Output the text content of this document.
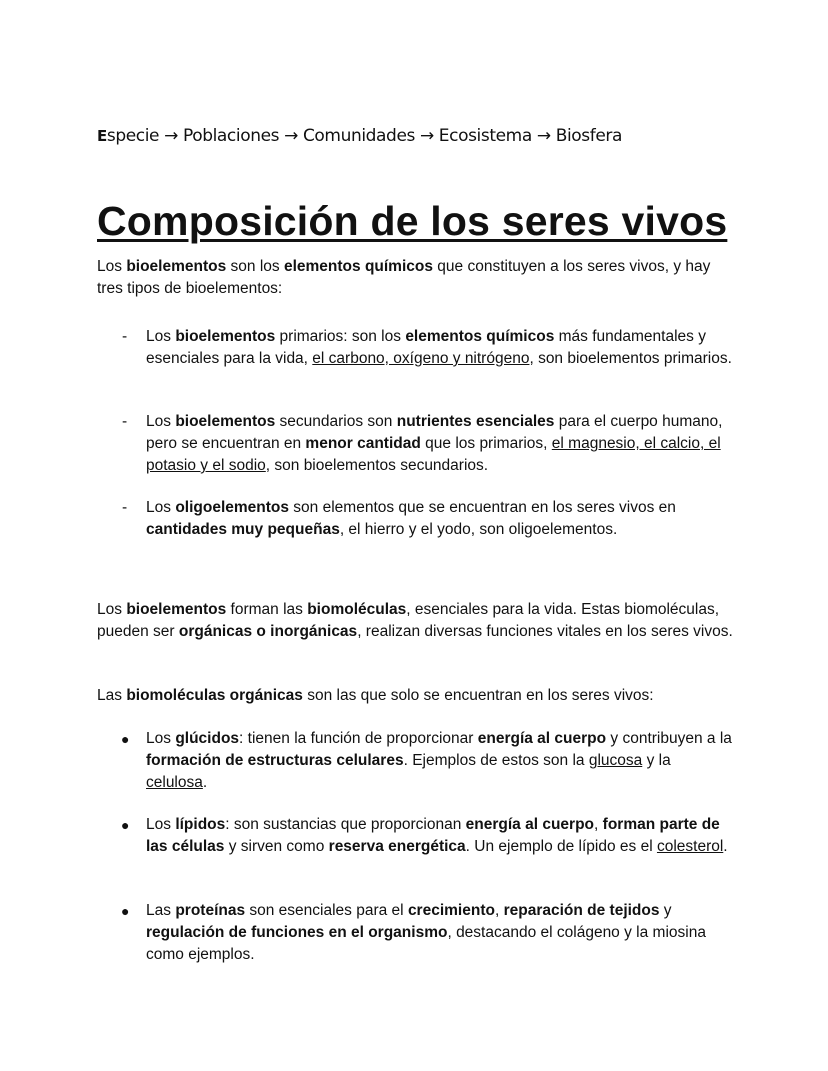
Especie → Poblaciones → Comunidades → Ecosistema → Biosfera
Composición de los seres vivos

Los bioelementos son los elementos químicos que constituyen a los seres vivos, y hay tres tipos de bioelementos:

- Los bioelementos primarios: son los elementos químicos más fundamentales y esenciales para la vida, el carbono, oxígeno y nitrógeno, son bioelementos primarios.
- Los bioelementos secundarios son nutrientes esenciales para el cuerpo humano, pero se encuentran en menor cantidad que los primarios, el magnesio, el calcio, el potasio y el sodio, son bioelementos secundarios.
- Los oligoelementos son elementos que se encuentran en los seres vivos en cantidades muy pequeñas, el hierro y el yodo, son oligoelementos.

Los bioelementos forman las biomoléculas, esenciales para la vida. Estas biomoléculas, pueden ser orgánicas o inorgánicas, realizan diversas funciones vitales en los seres vivos.

Las biomoléculas orgánicas son las que solo se encuentran en los seres vivos:

● Los glúcidos: tienen la función de proporcionar energía al cuerpo y contribuyen a la formación de estructuras celulares. Ejemplos de estos son la glucosa y la celulosa.
● Los lípidos: son sustancias que proporcionan energía al cuerpo, forman parte de las células y sirven como reserva energética. Un ejemplo de lípido es el colesterol.
● Las proteínas son esenciales para el crecimiento, reparación de tejidos y regulación de funciones en el organismo, destacando el colágeno y la miosina como ejemplos.
